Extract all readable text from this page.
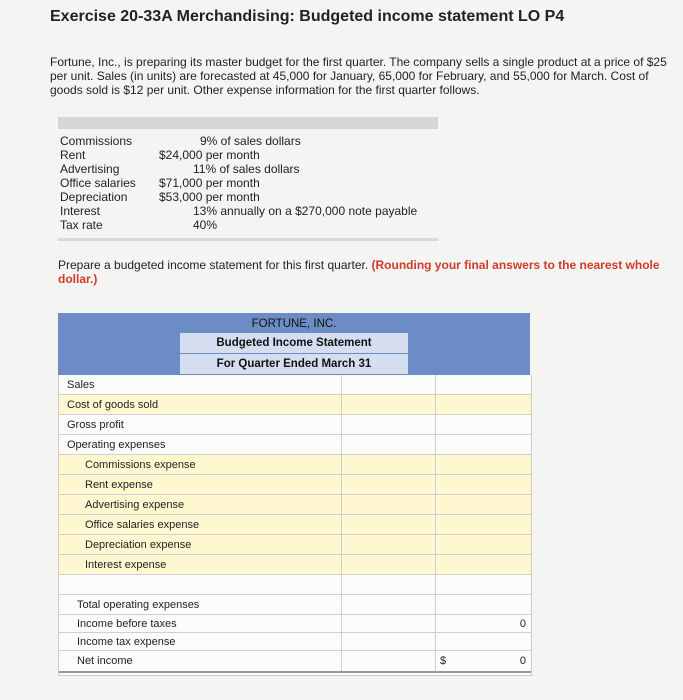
Exercise 20-33A Merchandising: Budgeted income statement LO P4
Fortune, Inc., is preparing its master budget for the first quarter. The company sells a single product at a price of $25 per unit. Sales (in units) are forecasted at 45,000 for January, 65,000 for February, and 55,000 for March. Cost of goods sold is $12 per unit. Other expense information for the first quarter follows.
Commissions	9% of sales dollars
Rent	$24,000 per month
Advertising	11% of sales dollars
Office salaries $71,000 per month
Depreciation	$53,000 per month
Interest	13% annually on a $270,000 note payable
Tax rate	40%
Prepare a budgeted income statement for this first quarter. (Rounding your final answers to the nearest whole dollar.)
FORTUNE, INC.
Budgeted Income Statement
For Quarter Ended March 31
Sales
Cost of goods sold
Gross profit
Operating expenses
Commissions expense
Rent expense
Advertising expense
Office salaries expense
Depreciation expense
Interest expense
Total operating expenses
Income before taxes	0
Income tax expense
Net income	$	0
